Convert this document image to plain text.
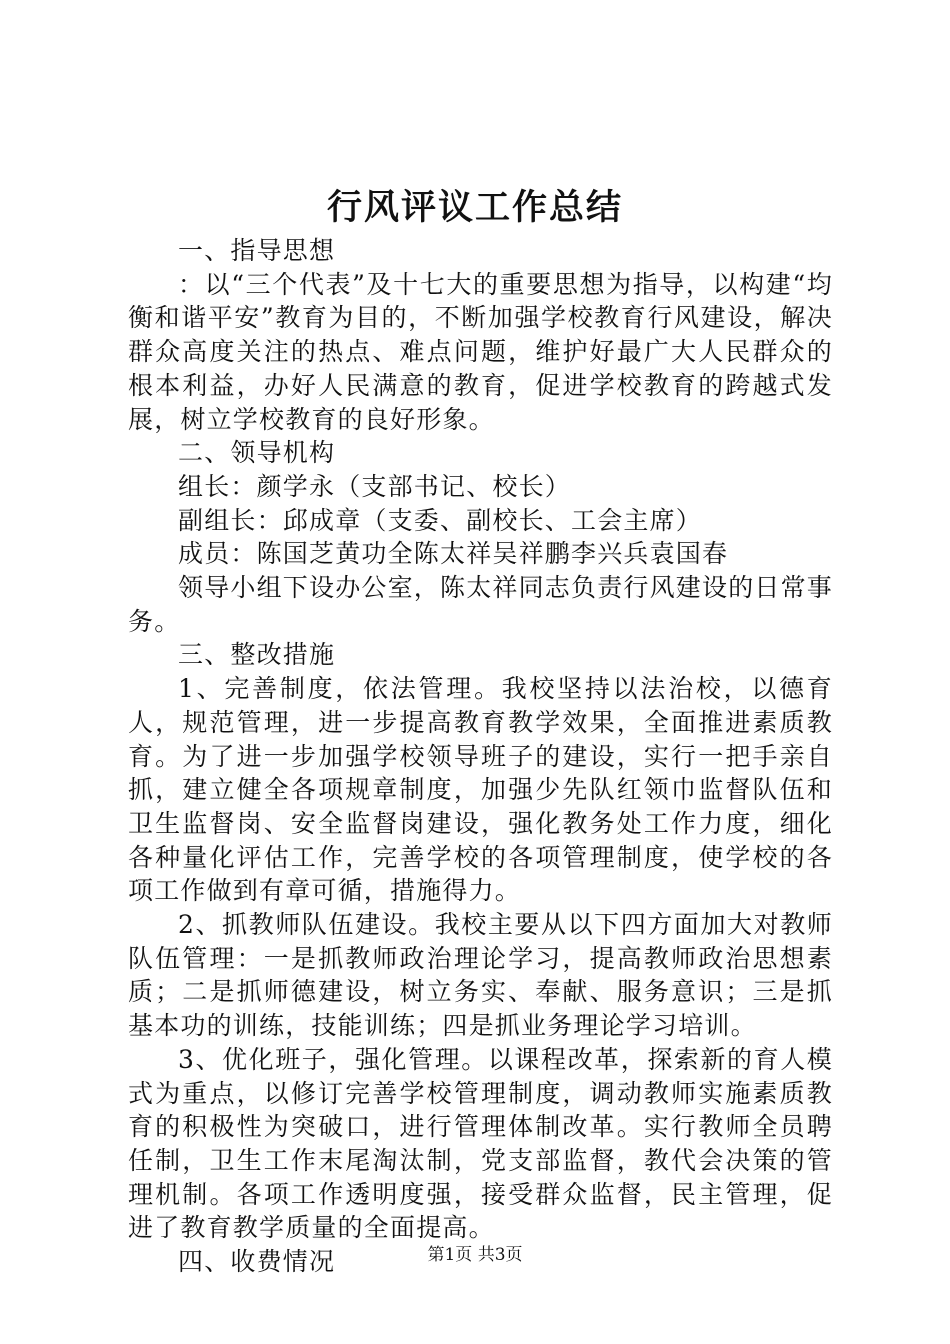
行风评议工作总结

一、指导思想

：以“三个代表”及十七大的重要思想为指导，以构建“均衡和谐平安”教育为目的，不断加强学校教育行风建设，解决群众高度关注的热点、难点问题，维护好最广大人民群众的根本利益，办好人民满意的教育，促进学校教育的跨越式发展，树立学校教育的良好形象。

二、领导机构

组长：颜学永（支部书记、校长）

副组长：邱成章（支委、副校长、工会主席）

成员：陈国芝黄功全陈太祥吴祥鹏李兴兵袁国春

领导小组下设办公室，陈太祥同志负责行风建设的日常事务。

三、整改措施

1、完善制度，依法管理。我校坚持以法治校，以德育人，规范管理，进一步提高教育教学效果，全面推进素质教育。为了进一步加强学校领导班子的建设，实行一把手亲自抓，建立健全各项规章制度，加强少先队红领巾监督队伍和卫生监督岗、安全监督岗建设，强化教务处工作力度，细化各种量化评估工作，完善学校的各项管理制度，使学校的各项工作做到有章可循，措施得力。

2、抓教师队伍建设。我校主要从以下四方面加大对教师队伍管理：一是抓教师政治理论学习，提高教师政治思想素质；二是抓师德建设，树立务实、奉献、服务意识；三是抓基本功的训练，技能训练；四是抓业务理论学习培训。

3、优化班子，强化管理。以课程改革，探索新的育人模式为重点，以修订完善学校管理制度，调动教师实施素质教育的积极性为突破口，进行管理体制改革。实行教师全员聘任制，卫生工作末尾淘汰制，党支部监督，教代会决策的管理机制。各项工作透明度强，接受群众监督，民主管理，促进了教育教学质量的全面提高。

四、收费情况	第1页 共3页
